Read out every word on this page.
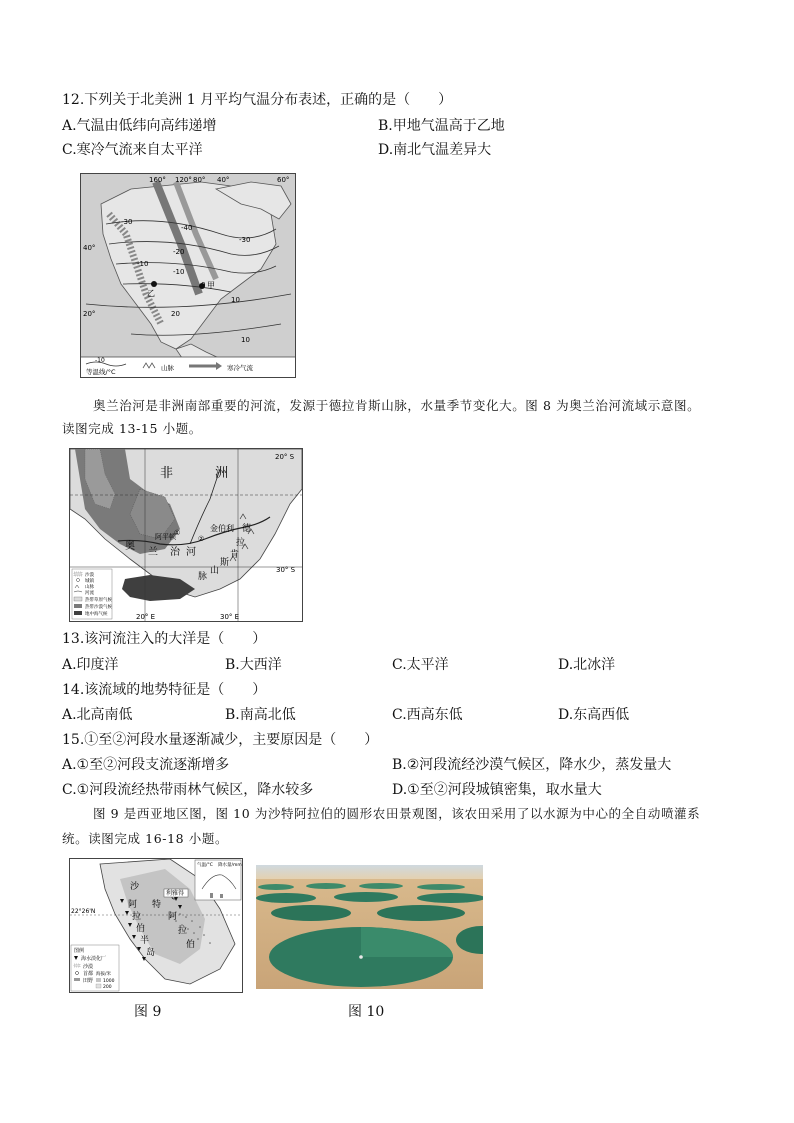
12.下列关于北美洲 1 月平均气温分布表述，正确的是（　　）
A.气温由低纬向高纬递增	B.甲地气温高于乙地
C.寒冷气流来自太平洋	D.南北气温差异大
160° 120° 80° 40°	60°
40°
20°
-30
-40
-30
-20
-10
10
20
-10
10
乙
甲
-10
等温线/°C	山脉	寒冷气流
奥兰治河是非洲南部重要的河流，发源于德拉肯斯山脉，水量季节变化大。图 8 为奥兰治河流域示意图。
读图完成 13-15 小题。
非	洲
20° S
30° S
20° E	30° E
奥
兰 治 河
阿平顿
①
②
金伯利 德
拉
肯
斯
山
脉
沙漠
城镇
山脉
河流
热带草原气候
热带沙漠气候
地中海气候
13.该河流注入的大洋是（　　）
A.印度洋	B.大西洋	C.太平洋	D.北冰洋
14.该流域的地势特征是（　　）
A.北高南低	B.南高北低	C.西高东低	D.东高西低
15.①至②河段水量逐渐减少，主要原因是（　　）
A.①至②河段支流逐渐增多	B.②河段流经沙漠气候区，降水少，蒸发量大
C.①河段流经热带雨林气候区，降水较多	D.①至②河段城镇密集，取水量大
图 9 是西亚地区图，图 10 为沙特阿拉伯的圆形农田景观图，该农田采用了以水源为中心的全自动喷灌系
统。读图完成 16-18 小题。
22°26'N
沙
特
阿
拉
伯
阿
拉
伯
半
岛
利雅得
气温/°C 降水量/mm
图例
海水淡化厂
沙漠
首都
田野
海拔/米
1000
200
图 9	图 10
